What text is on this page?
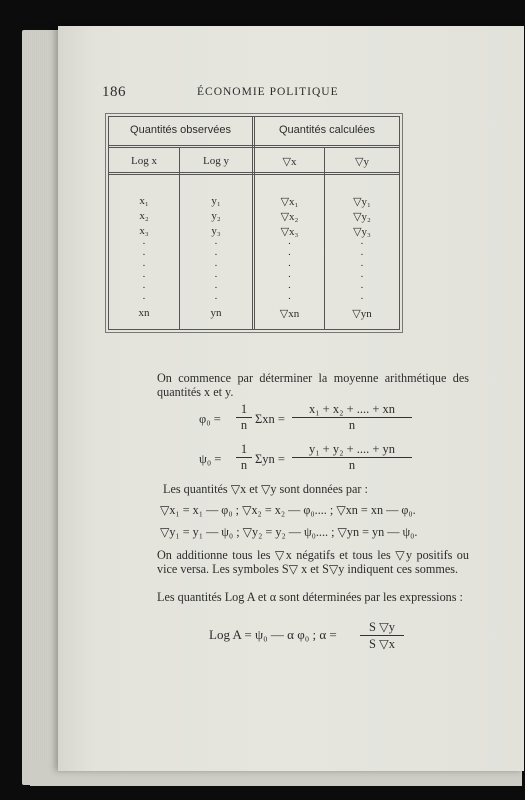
186	ÉCONOMIE POLITIQUE
Quantités observées	Quantités calculées
Log x	Log y	▽x	▽y
x₁	y₁	▽x₁	▽y₁
x₂	y₂	▽x₂	▽y₂
x₃	y₃	▽x₃	▽y₃
·
·
·
·
·
·
·
·
·
·
·
·
·
·
·
·
·
·
·
·
·
·
·
·
xn	yn	▽xn	▽yn
On commence par déterminer la moyenne arithmétique des quantités x et y.
$\varphi_0 = \frac{1}{n}$ $\Sigma xn = \frac{\text{x₁ + x₂ + .... + xn}}{n}$
$\psi_0 = \frac{1}{n}$ $\Sigma yn = \frac{\text{y₁ + y₂ + .... + yn}}{n}$
Les quantités ▽x et ▽y sont données par :
▽x₁ = x₁ — φ₀ ; ▽x₂ = x₂ — φ₀.... ; ▽xn = xn — φ₀.
▽y₁ = y₁ — ψ₀ ; ▽y₂ = y₂ — ψ₀.... ; ▽yn = yn — ψ₀.
On additionne tous les ▽x négatifs et tous les ▽y positifs ou vice versa. Les symboles S▽ x et S▽y indiquent ces sommes.
Les quantités Log A et α sont déterminées par les expressions :
Log A = ψ₀ — α φ₀ ; $\alpha = \frac{S ▽y}{S ▽x}$
